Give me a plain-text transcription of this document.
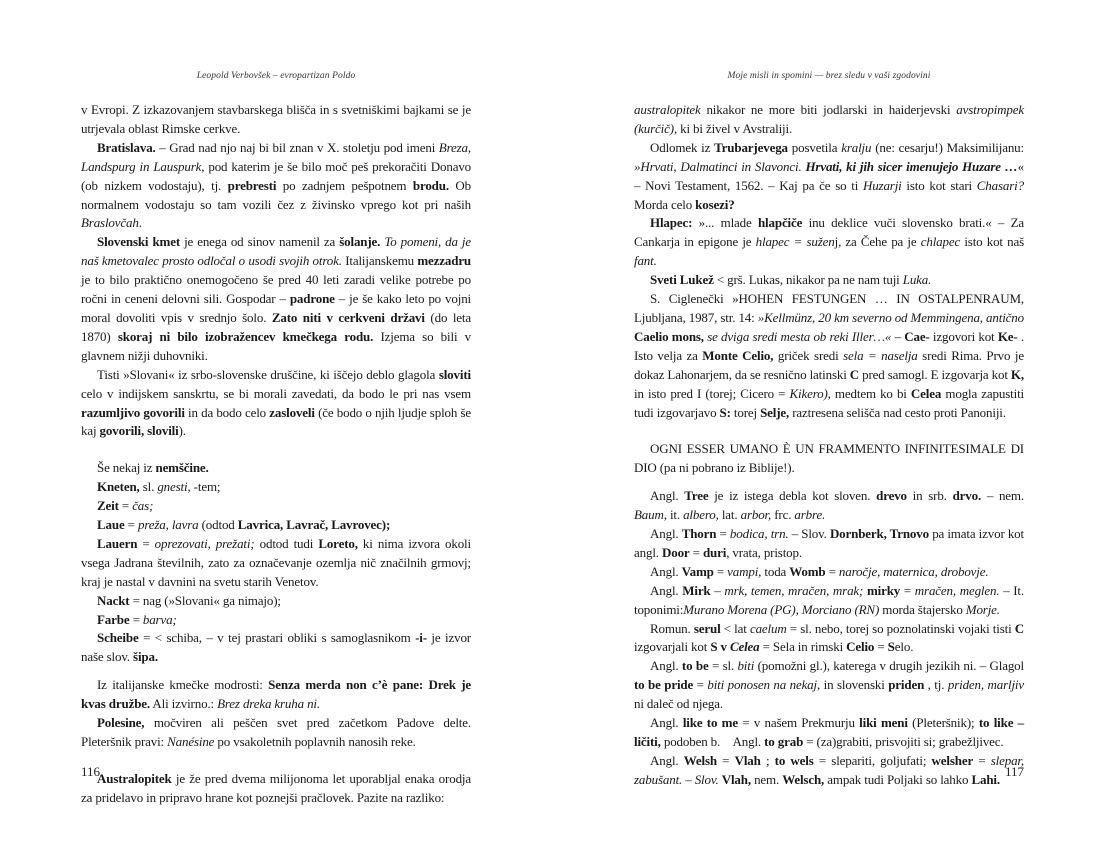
Leopold Verbovšek – evropartizan Poldo

v Evropi. Z izkazovanjem stavbarskega blišča in s svetniškimi bajkami se je utrjevala oblast Rimske cerkve.

Bratislava. – Grad nad njo naj bi bil znan v X. stoletju pod imeni Breza, Landspurg in Lauspurk, pod katerim je še bilo moč peš prekoračiti Donavo (ob nizkem vodostaju), tj. prebresti po zadnjem pešpotnem brodu. Ob normalnem vodostaju so tam vozili čez z živinsko vprego kot pri naših Braslovčah.

Slovenski kmet je enega od sinov namenil za šolanje. To pomeni, da je naš kmetovalec prosto odločal o usodi svojih otrok. Italijanskemu mezzadru je to bilo praktično onemogočeno še pred 40 leti zaradi velike potrebe po ročni in ceneni delovni sili. Gospodar – padrone – je še kako leto po vojni moral dovoliti vpis v srednjo šolo. Zato niti v cerkveni državi (do leta 1870) skoraj ni bilo izobražencev kmečkega rodu. Izjema so bili v glavnem nižji duhovniki.

Tisti »Slovani« iz srbo-slovenske druščine, ki iščejo deblo glagola sloviti celo v indijskem sanskrtu, se bi morali zavedati, da bodo le pri nas vsem razumljivo govorili in da bodo celo zasloveli (če bodo o njih ljudje sploh še kaj govorili, slovili).

Še nekaj iz nemščine.

Kneten, sl. gnesti, -tem;

Zeit = čas;

Laue = preža, lavra (odtod Lavrica, Lavrač, Lavrovec);

Lauern = oprezovati, prežati; odtod tudi Loreto, ki nima izvora okoli vsega Jadrana številnih, zato za označevanje ozemlja nič značilnih grmovj; kraj je nastal v davnini na svetu starih Venetov.

Nackt = nag (»Slovani« ga nimajo);

Farbe = barva;

Scheibe = < schiba, – v tej prastari obliki s samoglasnikom -i- je izvor naše slov. šipa.

Iz italijanske kmečke modrosti: Senza merda non c’è pane: Drek je kvas družbe. Ali izvirno.: Brez dreka kruha ni.

Polesine, močviren ali peščen svet pred začetkom Padove delte. Pleteršnik pravi: Nanésine po vsakoletnih poplavnih nanosih reke.

Australopitek je že pred dvema milijonoma let uporabljal enaka orodja za pridelavo in pripravo hrane kot poznejši pračlovek. Pazite na razliko:

116
Moje misli in spomini — brez sledu v vaši zgodovini

australopitek nikakor ne more biti jodlarski in haiderjevski avstropimpek (kurčič), ki bi živel v Avstraliji.

Odlomek iz Trubarjevega posvetila kralju (ne: cesarju!) Maksimilijanu: »Hrvati, Dalmatinci in Slavonci. Hrvati, ki jih sicer imenujejo Huzare …« – Novi Testament, 1562. – Kaj pa če so ti Huzarji isto kot stari Chasari? Morda celo kosezi?

Hlapec: »... mlade hlapčiče inu deklice vuči slovensko brati.« – Za Cankarja in epigone je hlapec = suženj, za Čehe pa je chlapec isto kot naš fant.

Sveti Lukež < grš. Lukas, nikakor pa ne nam tuji Luka.

S. Ciglenečki »HOHEN FESTUNGEN … IN OSTALPENRAUM, Ljubljana, 1987, str. 14: »Kellmünz, 20 km severno od Memmingena, antično Caelio mons, se dviga sredi mesta ob reki Iller…« – Cae- izgovori kot Ke- . Isto velja za Monte Celio, griček sredi sela = naselja sredi Rima. Prvo je dokaz Lahonarjem, da se resnično latinski C pred samogl. E izgovarja kot K, in isto pred I (torej; Cicero = Kikero), medtem ko bi Celea mogla zapustiti tudi izgovarjavo S: torej Selje, raztresena selišča nad cesto proti Panoniji.

OGNI ESSER UMANO È UN FRAMMENTO INFINITESIMALE DI DIO (pa ni pobrano iz Biblije!).

Angl. Tree je iz istega debla kot sloven. drevo in srb. drvo. – nem. Baum, it. albero, lat. arbor, frc. arbre.

Angl. Thorn = bodica, trn. – Slov. Dornberk, Trnovo pa imata izvor kot angl. Door = duri, vrata, pristop.

Angl. Vamp = vampi, toda Womb = naročje, maternica, drobovje.

Angl. Mirk – mrk, temen, mračen, mrak; mirky = mračen, meglen. – It. toponimi:Murano Morena (PG), Morciano (RN) morda štajersko Morje.

Romun. serul < lat caelum = sl. nebo, torej so poznolatinski vojaki tisti C izgovarjali kot S v Celea = Sela in rimski Celio = Selo.

Angl. to be = sl. biti (pomožni gl.), katerega v drugih jezikih ni. – Glagol to be pride = biti ponosen na nekaj, in slovenski priden , tj. priden, marljiv ni daleč od njega.

Angl. like to me = v našem Prekmurju liki meni (Pleteršnik); to like – ličiti, podoben b.    Angl. to grab = (za)grabiti, prisvojiti si; grabežljivec.

Angl. Welsh = Vlah ; to wels = slepariti, goljufati; welsher = slepar, zabušant. – Slov. Vlah, nem. Welsch, ampak tudi Poljaki so lahko Lahi.

117
